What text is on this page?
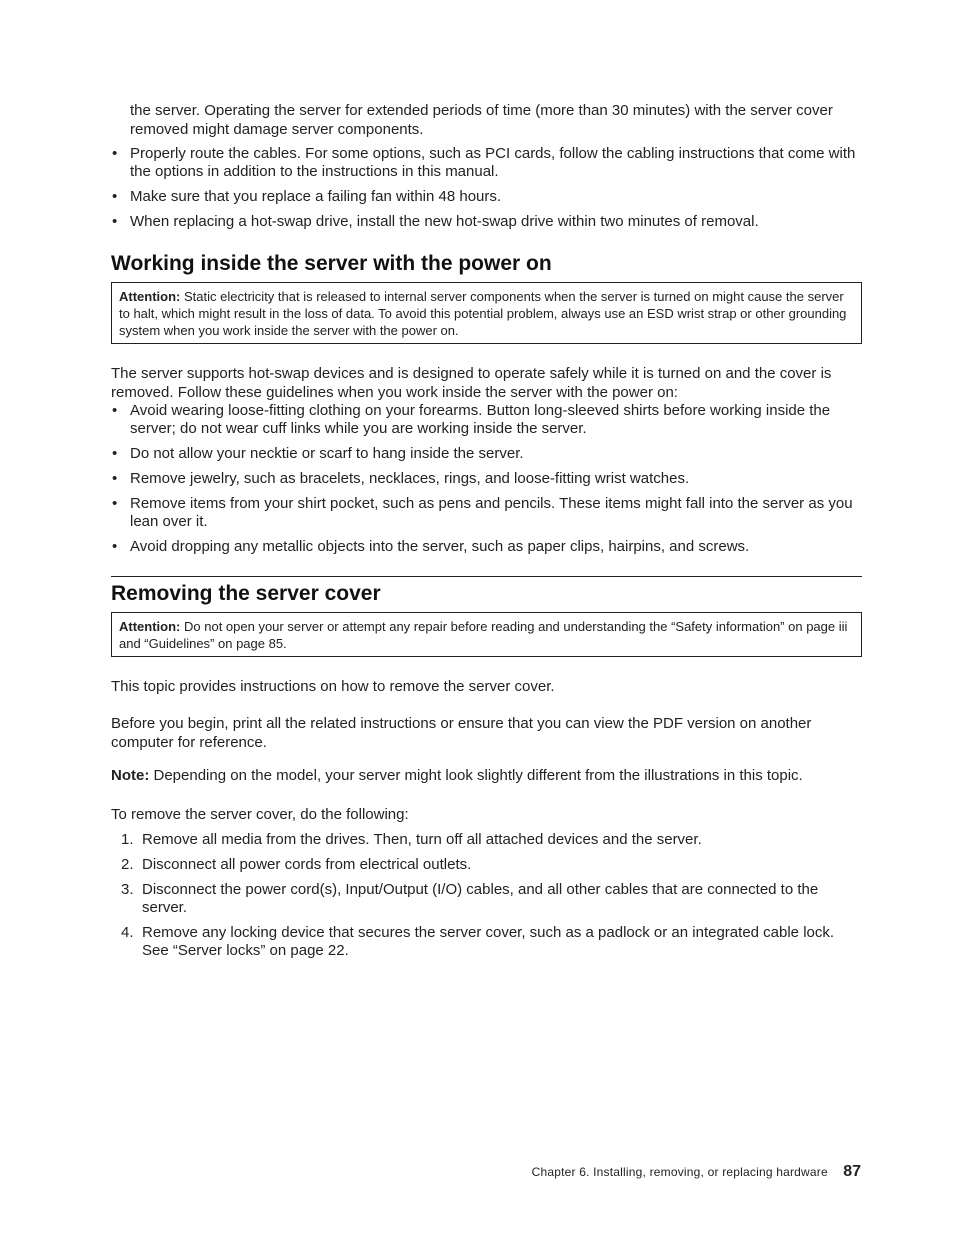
the server. Operating the server for extended periods of time (more than 30 minutes) with the server cover removed might damage server components.

• Properly route the cables. For some options, such as PCI cards, follow the cabling instructions that come with the options in addition to the instructions in this manual.
• Make sure that you replace a failing fan within 48 hours.
• When replacing a hot-swap drive, install the new hot-swap drive within two minutes of removal.
Working inside the server with the power on
Attention: Static electricity that is released to internal server components when the server is turned on might cause the server to halt, which might result in the loss of data. To avoid this potential problem, always use an ESD wrist strap or other grounding system when you work inside the server with the power on.

The server supports hot-swap devices and is designed to operate safely while it is turned on and the cover is removed. Follow these guidelines when you work inside the server with the power on:

• Avoid wearing loose-fitting clothing on your forearms. Button long-sleeved shirts before working inside the server; do not wear cuff links while you are working inside the server.
• Do not allow your necktie or scarf to hang inside the server.
• Remove jewelry, such as bracelets, necklaces, rings, and loose-fitting wrist watches.
• Remove items from your shirt pocket, such as pens and pencils. These items might fall into the server as you lean over it.
• Avoid dropping any metallic objects into the server, such as paper clips, hairpins, and screws.
Removing the server cover
Attention: Do not open your server or attempt any repair before reading and understanding the “Safety information” on page iii and “Guidelines” on page 85.

This topic provides instructions on how to remove the server cover.

Before you begin, print all the related instructions or ensure that you can view the PDF version on another computer for reference.

Note: Depending on the model, your server might look slightly different from the illustrations in this topic.

To remove the server cover, do the following:

1. Remove all media from the drives. Then, turn off all attached devices and the server.
2. Disconnect all power cords from electrical outlets.
3. Disconnect the power cord(s), Input/Output (I/O) cables, and all other cables that are connected to the server.
4. Remove any locking device that secures the server cover, such as a padlock or an integrated cable lock. See “Server locks” on page 22.
Chapter 6. Installing, removing, or replacing hardware 87
